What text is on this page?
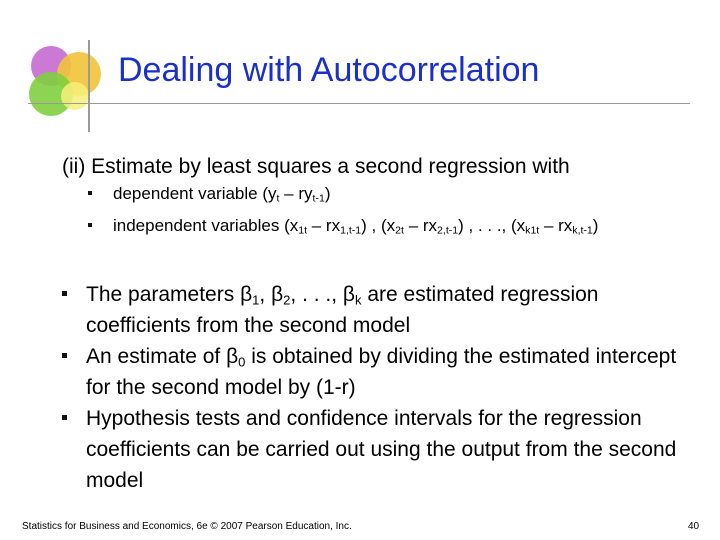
Dealing with Autocorrelation
(ii) Estimate by least squares a second regression with
dependent variable $(y_t - ry_{t-1})$
independent variables $(x_{1t} - rx_{1,t-1})$ , $(x_{2t} - rx_{2,t-1})$ , . . ., $(x_{k1t} - rx_{k,t-1})$
The parameters $\beta_1$, $\beta_2$, . . ., $\beta_k$ are estimated regression coefficients from the second model
An estimate of $\beta_0$ is obtained by dividing the estimated intercept for the second model by (1-r)
Hypothesis tests and confidence intervals for the regression coefficients can be carried out using the output from the second model
Statistics for Business and Economics, 6e © 2007 Pearson Education, Inc.	40
